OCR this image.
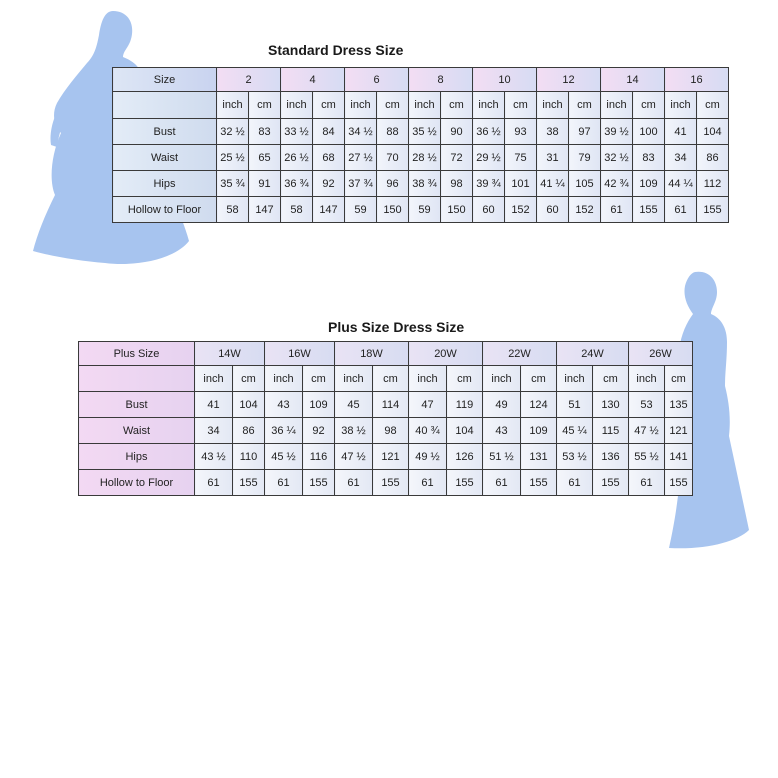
Standard Dress Size
Size	2		4		6		8		10		12		14		16	
	inch	cm	inch	cm	inch	cm	inch	cm	inch	cm	inch	cm	inch	cm	inch	cm
Bust	32 ½	83	33 ½	84	34 ½	88	35 ½	90	36 ½	93	38	97	39 ½	100	41	104
Waist	25 ½	65	26 ½	68	27 ½	70	28 ½	72	29 ½	75	31	79	32 ½	83	34	86
Hips	35 ¾	91	36 ¾	92	37 ¾	96	38 ¾	98	39 ¾	101	41 ¼	105	42 ¾	109	44 ¼	112
Hollow to Floor	58	147	58	147	59	150	59	150	60	152	60	152	61	155	61	155
Plus Size Dress Size
Plus Size	14W		16W		18W		20W		22W		24W		26W	
	inch	cm	inch	cm	inch	cm	inch	cm	inch	cm	inch	cm	inch	cm
Bust	41	104	43	109	45	114	47	119	49	124	51	130	53	135
Waist	34	86	36 ¼	92	38 ½	98	40 ¾	104	43	109	45 ¼	115	47 ½	121
Hips	43 ½	110	45 ½	116	47 ½	121	49 ½	126	51 ½	131	53 ½	136	55 ½	141
Hollow to Floor	61	155	61	155	61	155	61	155	61	155	61	155	61	155
